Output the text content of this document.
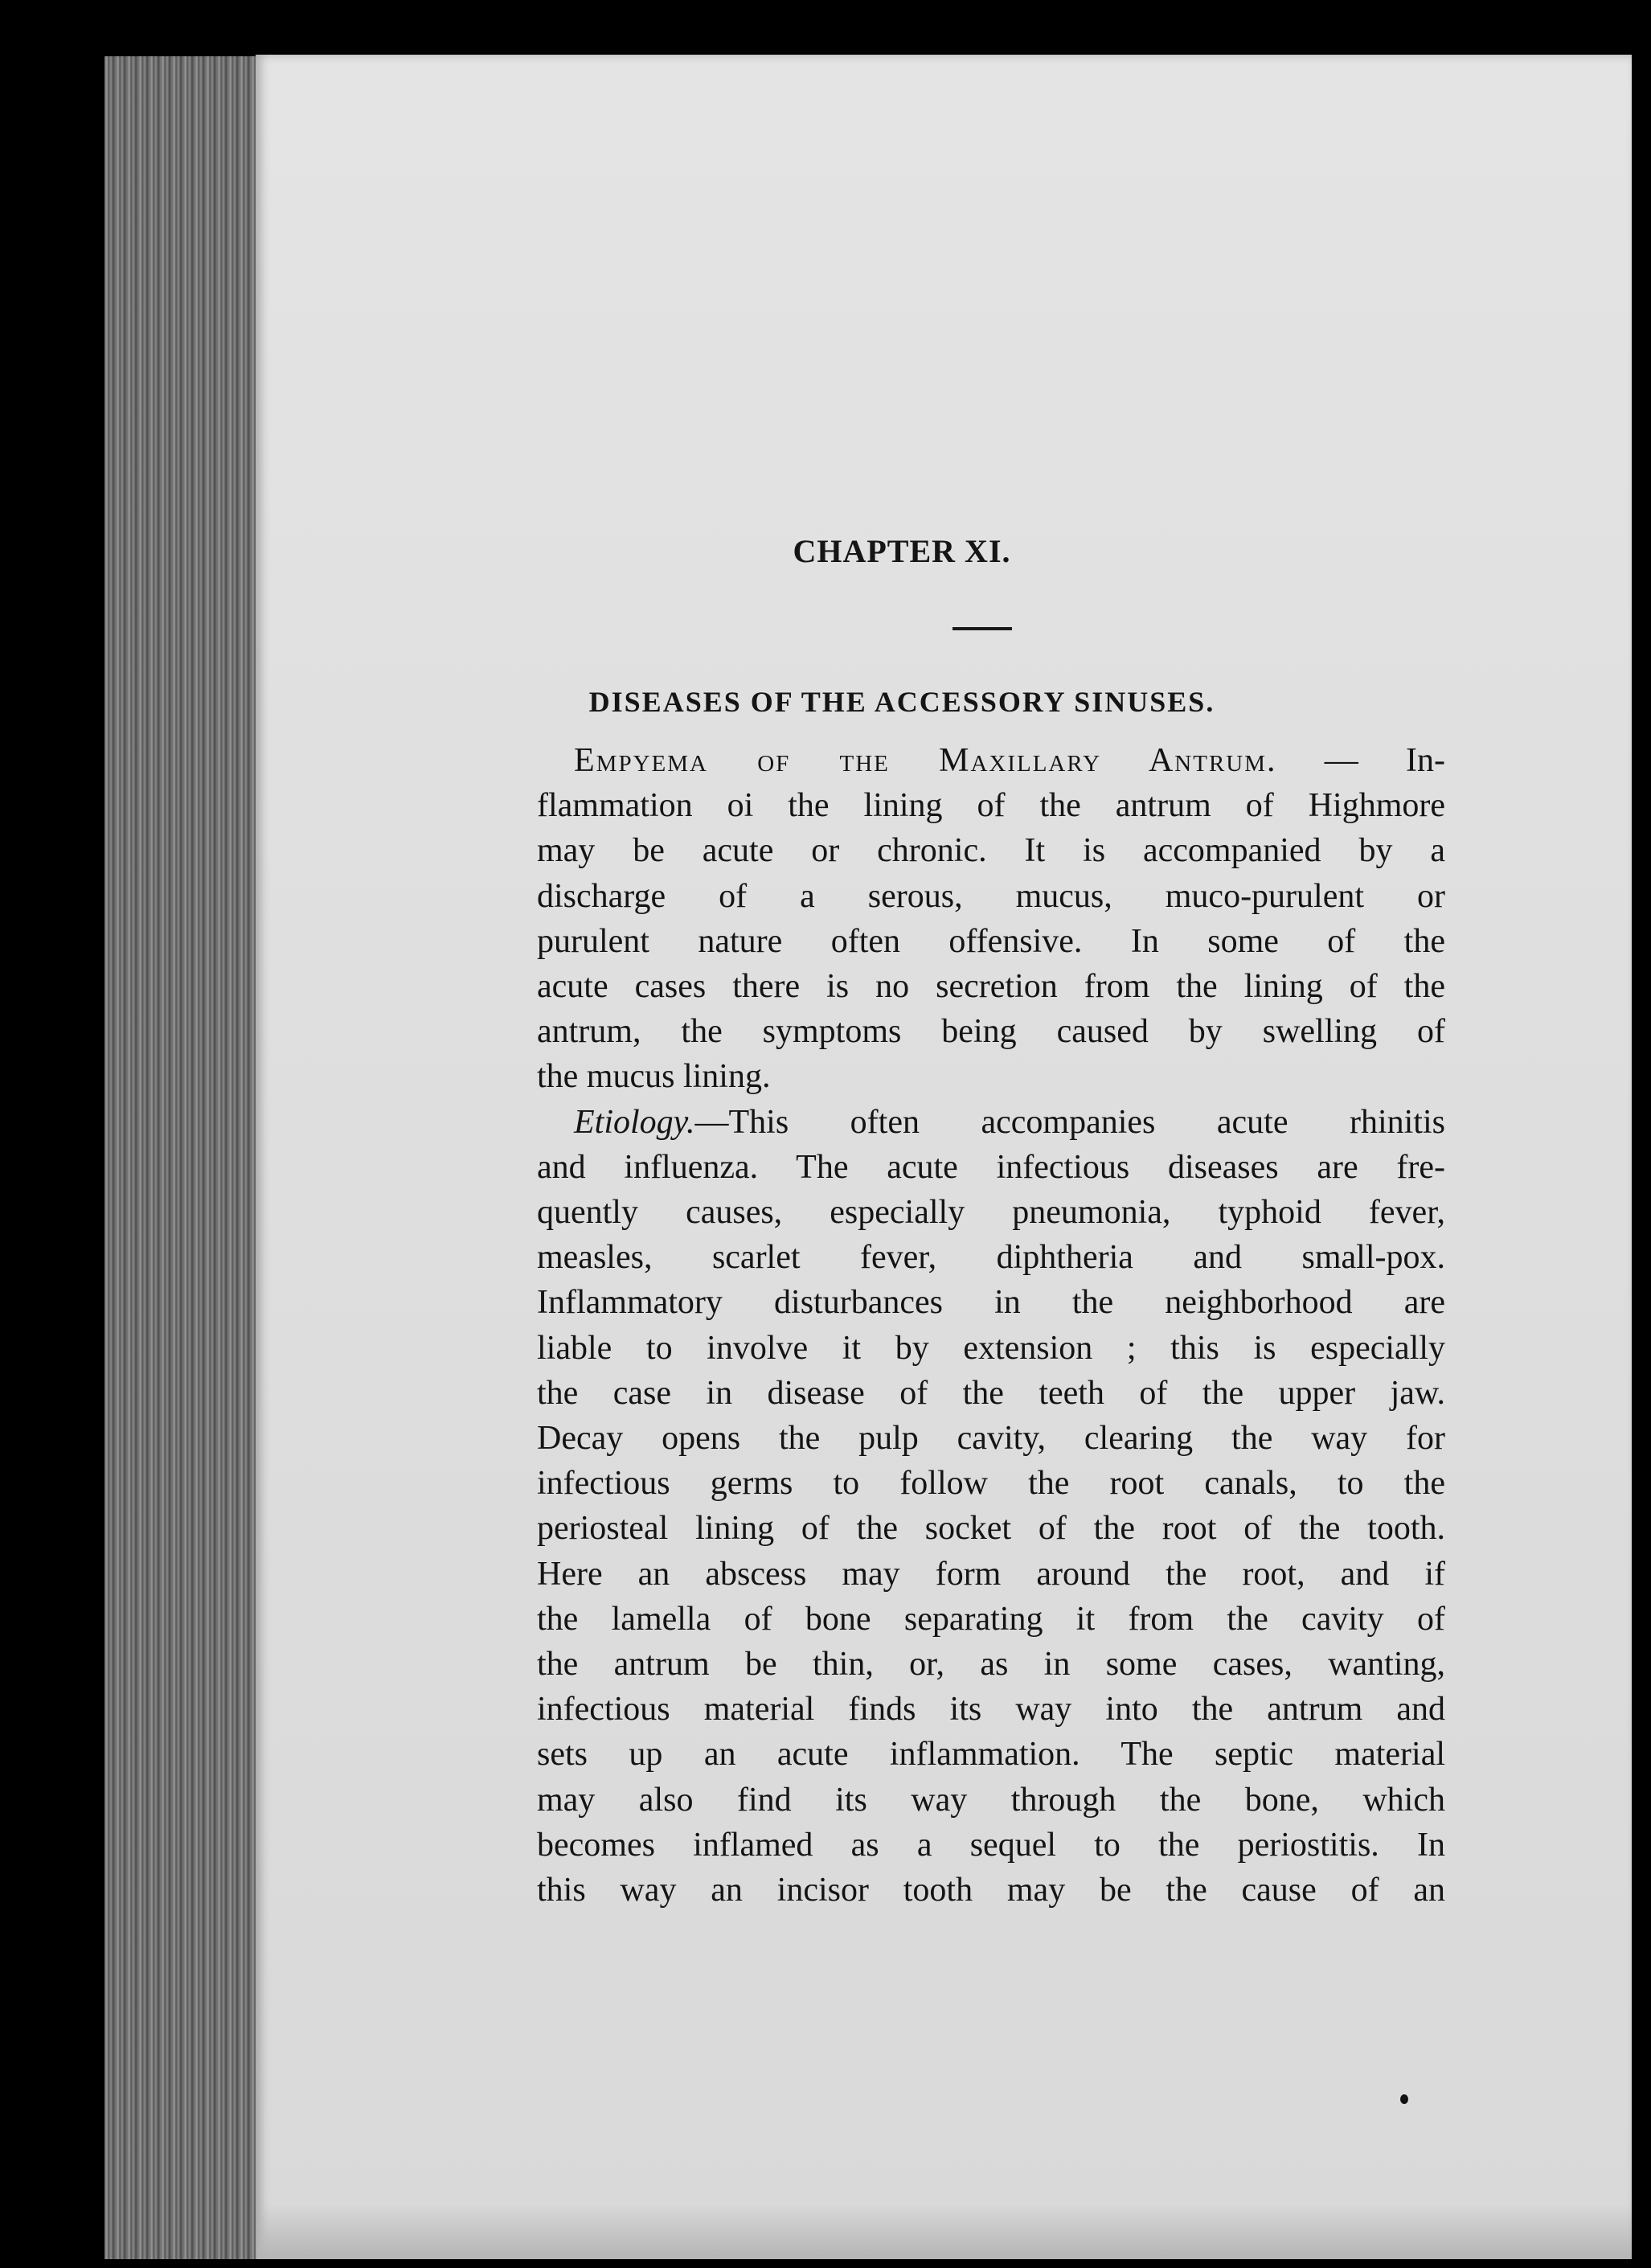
CHAPTER XI.
DISEASES OF THE ACCESSORY SINUSES.
Empyema of the Maxillary Antrum. — In-
flammation oi the lining of the antrum of Highmore
may be acute or chronic. It is accompanied by a
discharge of a serous, mucus, muco-purulent or
purulent nature often offensive. In some of the
acute cases there is no secretion from the lining of the
antrum, the symptoms being caused by swelling of
the mucus lining.
Etiology.—This often accompanies acute rhinitis
and influenza. The acute infectious diseases are fre-
quently causes, especially pneumonia, typhoid fever,
measles, scarlet fever, diphtheria and small-pox.
Inflammatory disturbances in the neighborhood are
liable to involve it by extension ; this is especially
the case in disease of the teeth of the upper jaw.
Decay opens the pulp cavity, clearing the way for
infectious germs to follow the root canals, to the
periosteal lining of the socket of the root of the tooth.
Here an abscess may form around the root, and if
the lamella of bone separating it from the cavity of
the antrum be thin, or, as in some cases, wanting,
infectious material finds its way into the antrum and
sets up an acute inflammation. The septic material
may also find its way through the bone, which
becomes inflamed as a sequel to the periostitis. In
this way an incisor tooth may be the cause of an
